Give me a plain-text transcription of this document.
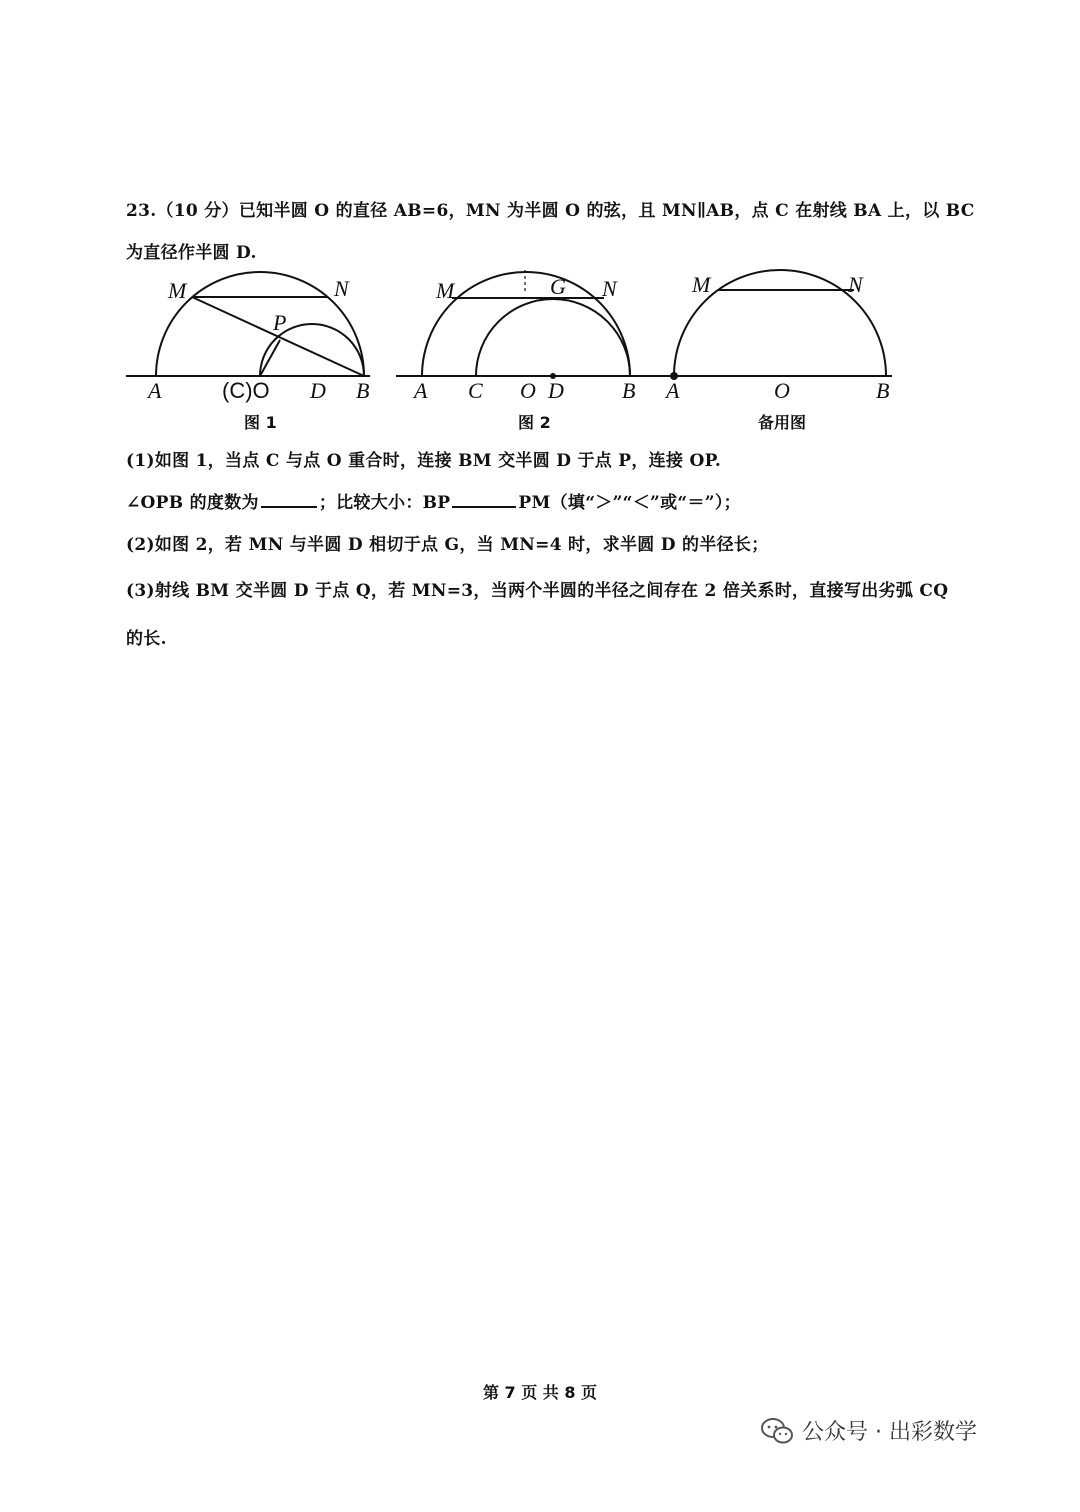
23.（10 分）已知半圆 O 的直径 AB=6，MN 为半圆 O 的弦，且 MN∥AB，点 C 在射线 BA 上，以 BC
为直径作半圆 D.
M	N
P
A	(C)O D B
M	G N
A C O D	B
M	N
A	O	B
图 1	图 2	备用图
(1)如图 1，当点 C 与点 O 重合时，连接 BM 交半圆 D 于点 P，连接 OP.
∠OPB 的度数为	；比较大小：BP	PM（填“＞”“＜”或“＝”）；
(2)如图 2，若 MN 与半圆 D 相切于点 G，当 MN=4 时，求半圆 D 的半径长；
(3)射线 BM 交半圆 D 于点 Q，若 MN=3，当两个半圆的半径之间存在 2 倍关系时，直接写出劣弧 CQ
的长.
第 7 页 共 8 页
公众号 · 出彩数学
